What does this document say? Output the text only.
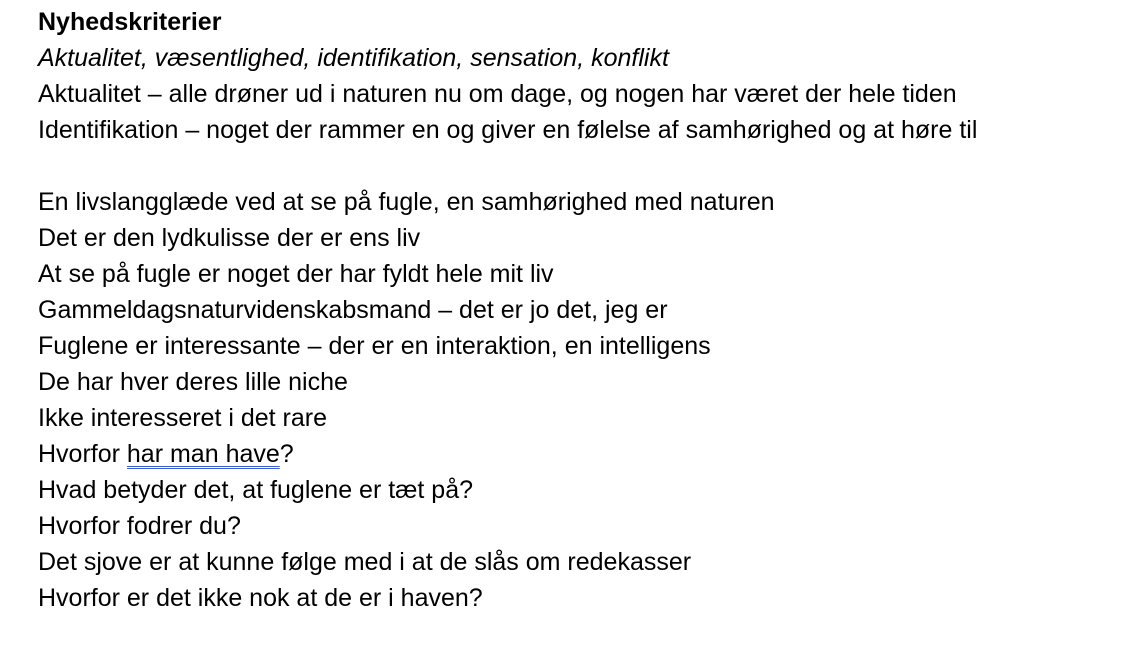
Nyhedskriterier
Aktualitet, væsentlighed, identifikation, sensation, konflikt
Aktualitet – alle drøner ud i naturen nu om dage, og nogen har været der hele tiden
Identifikation – noget der rammer en og giver en følelse af samhørighed og at høre til
En livslangglæde ved at se på fugle, en samhørighed med naturen
Det er den lydkulisse der er ens liv
At se på fugle er noget der har fyldt hele mit liv
Gammeldagsnaturvidenskabsmand – det er jo det, jeg er
Fuglene er interessante – der er en interaktion, en intelligens
De har hver deres lille niche
Ikke interesseret i det rare
Hvorfor har man have?
Hvad betyder det, at fuglene er tæt på?
Hvorfor fodrer du?
Det sjove er at kunne følge med i at de slås om redekasser
Hvorfor er det ikke nok at de er i haven?
